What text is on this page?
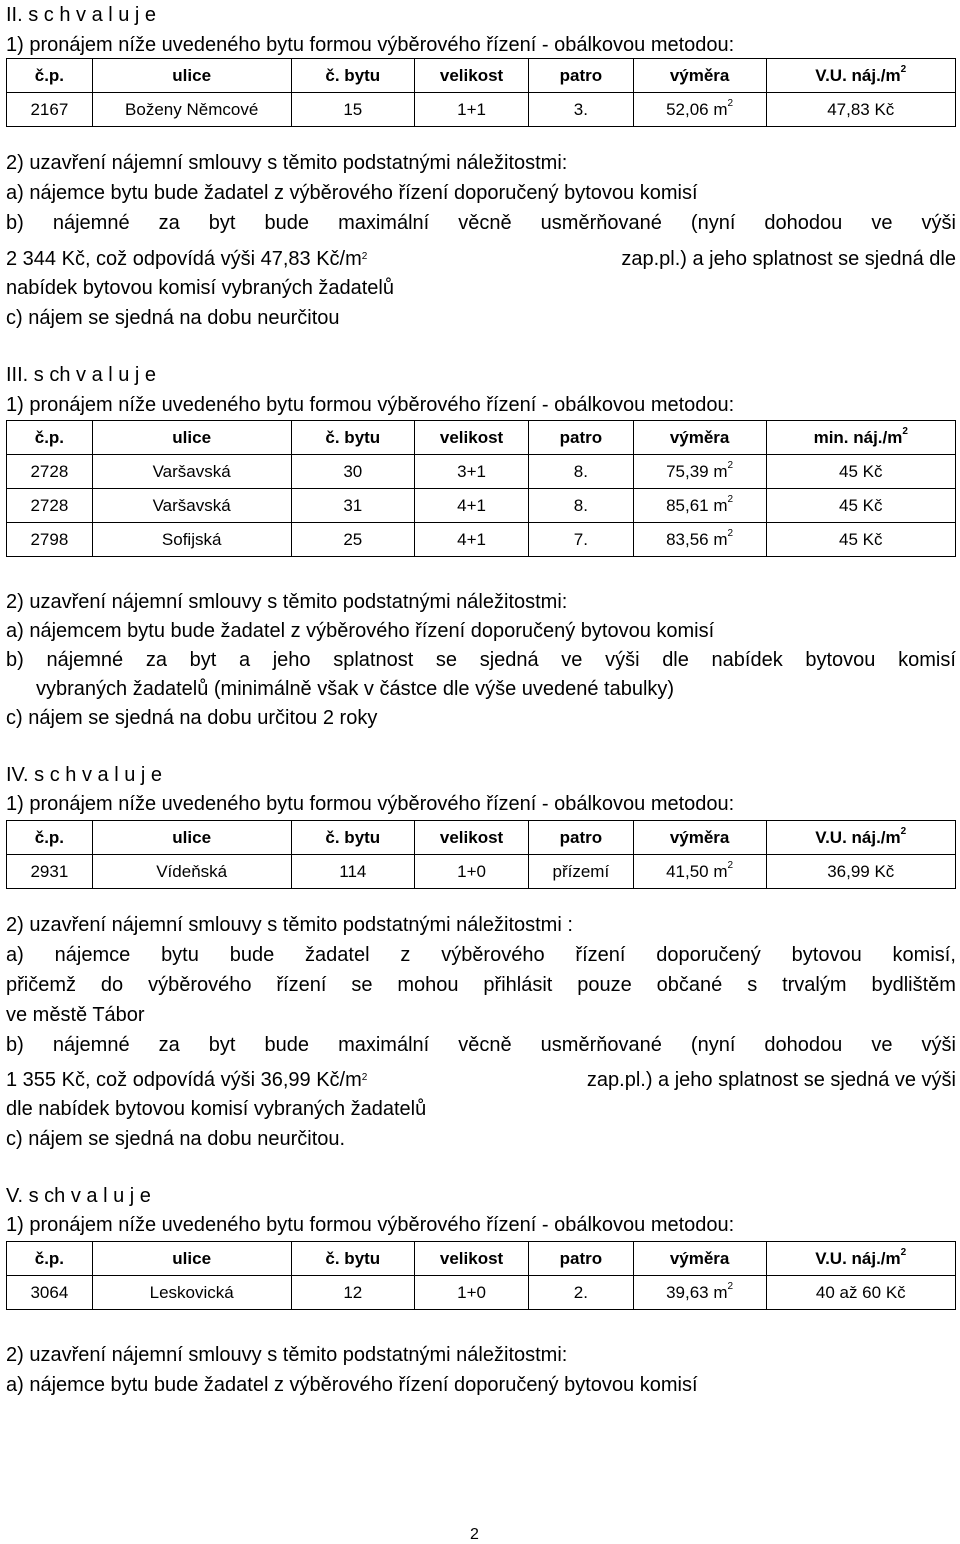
II. s c h v a l u j e
1) pronájem níže uvedeného bytu formou výběrového řízení - obálkovou metodou:
č.p.	ulice	č. bytu	velikost	patro	výměra	V.U. $náj./m^2$
2167	Boženy Němcové	15	1+1	3.	52,06 $m^2$	47,83 Kč
2) uzavření nájemní smlouvy s těmito podstatnými náležitostmi:
a) nájemce bytu bude žadatel z výběrového řízení doporučený bytovou komisí
b) nájemné za byt bude maximální věcně usměrňované (nyní dohodou ve výši
2 344 Kč, což odpovídá výši 47,83 $Kč/m^2$	zap.pl.) a jeho splatnost se sjedná dle
nabídek bytovou komisí vybraných žadatelů
c) nájem se sjedná na dobu neurčitou
III. s ch v a l u j e
1) pronájem níže uvedeného bytu formou výběrového řízení - obálkovou metodou:
č.p.	ulice	č. bytu	velikost	patro	výměra	min. $náj./m^2$
2728	Varšavská	30	3+1	8.	75,39 $m^2$	45 Kč
2728	Varšavská	31	4+1	8.	85,61 $m^2$	45 Kč
2798	Sofijská	25	4+1	7.	83,56 $m^2$	45 Kč
2) uzavření nájemní smlouvy s těmito podstatnými náležitostmi:
a) nájemcem bytu bude žadatel z výběrového řízení doporučený bytovou komisí
b) nájemné za byt a jeho splatnost se sjedná ve výši dle nabídek bytovou komisí
vybraných žadatelů (minimálně však v částce dle výše uvedené tabulky)
c) nájem se sjedná na dobu určitou 2 roky
IV. s c h v a l u j e
1) pronájem níže uvedeného bytu formou výběrového řízení - obálkovou metodou:
č.p.	ulice	č. bytu	velikost	patro	výměra	V.U. $náj./m^2$
2931	Vídeňská	114	1+0	přízemí	41,50 $m^2$	36,99 Kč
2) uzavření nájemní smlouvy s těmito podstatnými náležitostmi :
a) nájemce bytu bude žadatel z výběrového řízení doporučený bytovou komisí,
přičemž do výběrového řízení se mohou přihlásit pouze občané s trvalým bydlištěm
ve městě Tábor
b) nájemné za byt bude maximální věcně usměrňované (nyní dohodou ve výši
1 355 Kč, což odpovídá výši 36,99 $Kč/m^2$	zap.pl.) a jeho splatnost se sjedná ve výši
dle nabídek bytovou komisí vybraných žadatelů
c) nájem se sjedná na dobu neurčitou.
V. s ch v a l u j e
1) pronájem níže uvedeného bytu formou výběrového řízení - obálkovou metodou:
č.p.	ulice	č. bytu	velikost	patro	výměra	V.U. $náj./m^2$
3064	Leskovická	12	1+0	2.	39,63 $m^2$	40 až 60 Kč
2) uzavření nájemní smlouvy s těmito podstatnými náležitostmi:
a) nájemce bytu bude žadatel z výběrového řízení doporučený bytovou komisí
2
